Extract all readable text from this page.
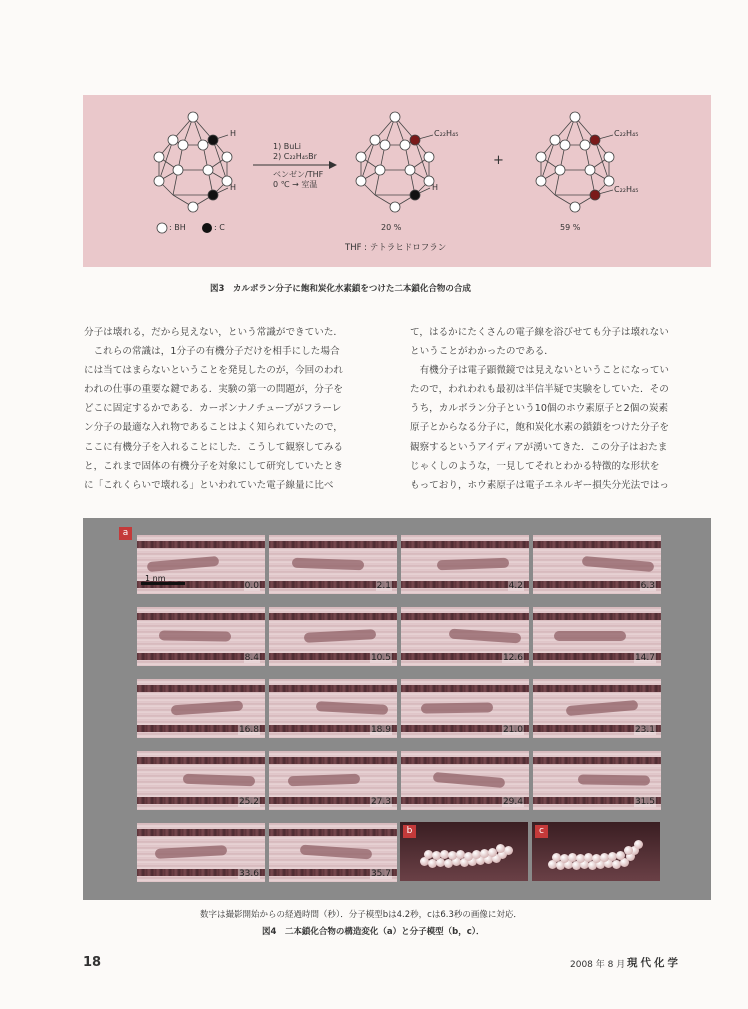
1) BuLi
2) C₂₂H₄₅Br
ベンゼン/THF
0 ℃ → 室温
H
H
C₂₂H₄₅
H
C₂₂H₄₅
C₂₂H₄₅
+
: BH	: C	20 %	59 %
THF : テトラヒドロフラン
図3　カルボラン分子に飽和炭化水素鎖をつけた二本鎖化合物の合成

分子は壊れる，だから見えない，という常識ができていた．

　これらの常識は，1分子の有機分子だけを相手にした場合

には当てはまらないということを発見したのが，今回のわれ

われの仕事の重要な鍵である．実験の第一の問題が，分子を

どこに固定するかである．カーボンナノチューブがフラーレ

ン分子の最適な入れ物であることはよく知られていたので，

ここに有機分子を入れることにした．こうして観察してみる

と，これまで固体の有機分子を対象にして研究していたとき

に「これくらいで壊れる」といわれていた電子線量に比べ

て，はるかにたくさんの電子線を浴びせても分子は壊れない

ということがわかったのである．

　有機分子は電子顕微鏡では見えないということになってい

たので，われわれも最初は半信半疑で実験をしていた．その

うち，カルボラン分子という10個のホウ素原子と2個の炭素

原子とからなる分子に，飽和炭化水素の鎖鎖をつけた分子を

観察するというアイディアが湧いてきた．この分子はおたま

じゃくしのような，一見してそれとわかる特徴的な形状を

もっており，ホウ素原子は電子エネルギー損失分光法ではっ

a
0.0	2.1	4.2	6.3
8.4	10.5	12.6	14.7
16.8	18.9	21.0	23.1
25.2	27.3	29.4	31.5
33.6	35.7
b	c
1 nm
数字は撮影開始からの経過時間（秒）．分子模型bは4.2秒，cは6.3秒の画像に対応．
図4　二本鎖化合物の構造変化（a）と分子模型（b，c）．
18	2008 年 8 月 現代化学
